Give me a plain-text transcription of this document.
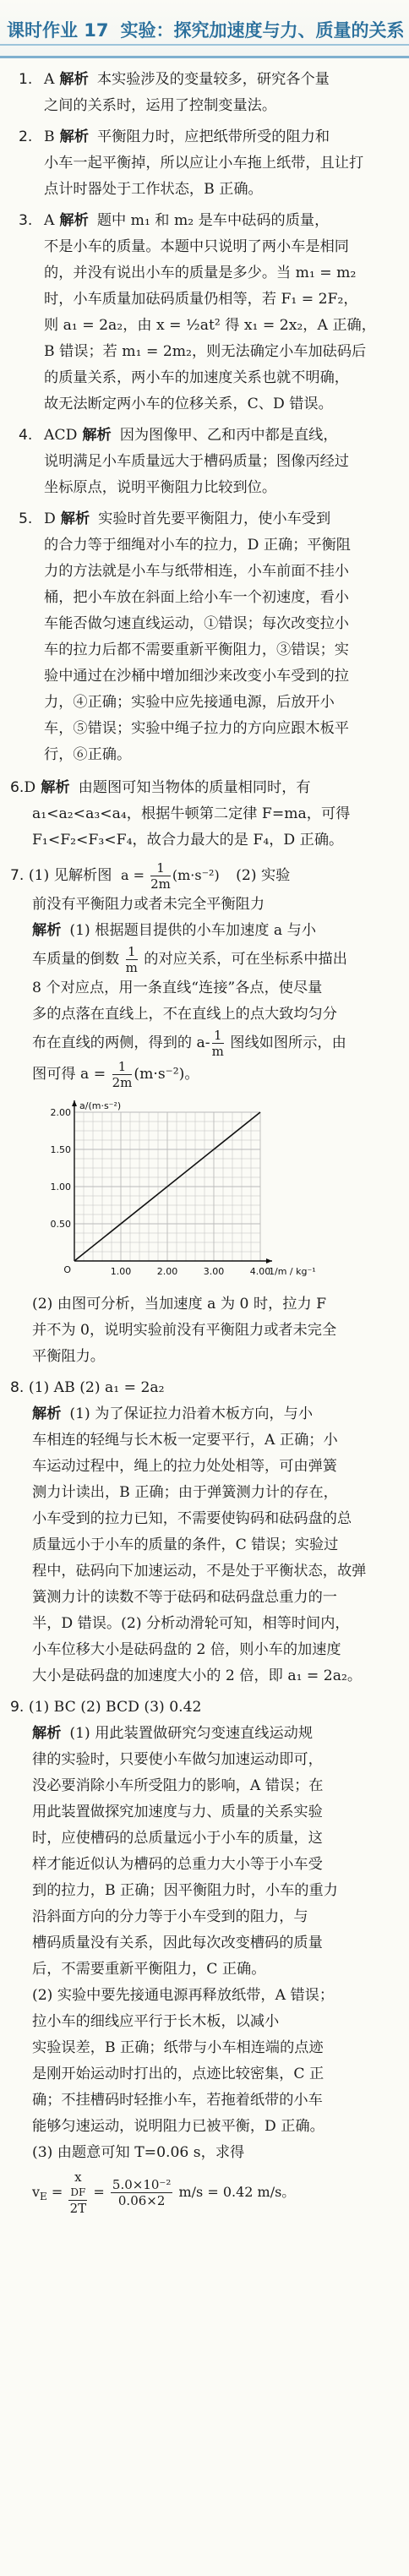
课时作业 17 实验：探究加速度与力、质量的关系
1. A 解析 本实验涉及的变量较多，研究各个量
之间的关系时，运用了控制变量法。
2. B 解析 平衡阻力时，应把纸带所受的阻力和
小车一起平衡掉，所以应让小车拖上纸带，且让打
点计时器处于工作状态，B 正确。
3. A 解析 题中 m₁ 和 m₂ 是车中砝码的质量，
不是小车的质量。本题中只说明了两小车是相同
的，并没有说出小车的质量是多少。当 m₁ = m₂
时，小车质量加砝码质量仍相等，若 F₁ = 2F₂，
则 a₁ = 2a₂，由 x = ½at² 得 x₁ = 2x₂，A 正确，
B 错误；若 m₁ = 2m₂，则无法确定小车加砝码后
的质量关系，两小车的加速度关系也就不明确，
故无法断定两小车的位移关系，C、D 错误。
4. ACD 解析 因为图像甲、乙和丙中都是直线，
说明满足小车质量远大于槽码质量；图像丙经过
坐标原点，说明平衡阻力比较到位。
5. D 解析 实验时首先要平衡阻力，使小车受到
的合力等于细绳对小车的拉力，D 正确；平衡阻
力的方法就是小车与纸带相连，小车前面不挂小
桶，把小车放在斜面上给小车一个初速度，看小
车能否做匀速直线运动，①错误；每次改变拉小
车的拉力后都不需要重新平衡阻力，③错误；实
验中通过在沙桶中增加细沙来改变小车受到的拉
力，④正确；实验中应先接通电源，后放开小
车，⑤错误；实验中绳子拉力的方向应跟木板平
行，⑥正确。
6.D 解析 由题图可知当物体的质量相同时，有
a₁<a₂<a₃<a₄，根据牛顿第二定律 F=ma，可得
F₁<F₂<F₃<F₄，故合力最大的是 F₄，D 正确。
7. (1) 见解析图  $a = \frac{1}{2m} (m\cdot s^{-2})$ (2) 实验
前没有平衡阻力或者未完全平衡阻力
解析 (1) 根据题目提供的小车加速度 a 与小
车质量的倒数 $\frac{1}{m}$ 的对应关系，可在坐标系中描出
8 个对应点，用一条直线“连接”各点，使尽量
多的点落在直线上，不在直线上的点大致均匀分
布在直线的两侧，得到的 $a- \frac{1}{m}$ 图线如图所示，由
图可得 $a = \frac{1}{2m} (m\cdot s^{-2})$。
1.00	2.00	3.00	4.00
0.50
1.00
1.50
2.00
O
a/(m·s⁻²)
1/m / kg⁻¹
(2) 由图可分析，当加速度 a 为 0 时，拉力 F
并不为 0，说明实验前没有平衡阻力或者未完全
平衡阻力。
8. (1) AB (2) a₁ = 2a₂
解析 (1) 为了保证拉力沿着木板方向，与小
车相连的轻绳与长木板一定要平行，A 正确；小
车运动过程中，绳上的拉力处处相等，可由弹簧
测力计读出，B 正确；由于弹簧测力计的存在，
小车受到的拉力已知，不需要使钩码和砝码盘的总
质量远小于小车的质量的条件，C 错误；实验过
程中，砝码向下加速运动，不是处于平衡状态，故弹
簧测力计的读数不等于砝码和砝码盘总重力的一
半，D 错误。(2) 分析动滑轮可知，相等时间内，
小车位移大小是砝码盘的 2 倍，则小车的加速度
大小是砝码盘的加速度大小的 2 倍，即 a₁ = 2a₂。
9. (1) BC (2) BCD (3) 0.42
解析 (1) 用此装置做研究匀变速直线运动规
律的实验时，只要使小车做匀加速运动即可，
没必要消除小车所受阻力的影响，A 错误；在
用此装置做探究加速度与力、质量的关系实验
时，应使槽码的总质量远小于小车的质量，这
样才能近似认为槽码的总重力大小等于小车受
到的拉力，B 正确；因平衡阻力时，小车的重力
沿斜面方向的分力等于小车受到的阻力，与
槽码质量没有关系，因此每次改变槽码的质量
后，不需要重新平衡阻力，C 正确。
(2) 实验中要先接通电源再释放纸带，A 错误；
拉小车的细线应平行于长木板，以减小
实验误差，B 正确；纸带与小车相连端的点迹
是刚开始运动时打出的，点迹比较密集，C 正
确；不挂槽码时轻推小车，若拖着纸带的小车
能够匀速运动，说明阻力已被平衡，D 正确。
(3) 由题意可知 T=0.06 s，求得
$v_E = x$
DF
$2T = \frac{\text{5.0×10⁻²}}{0.06\times 2} m/s = 0.42$ m/s。
